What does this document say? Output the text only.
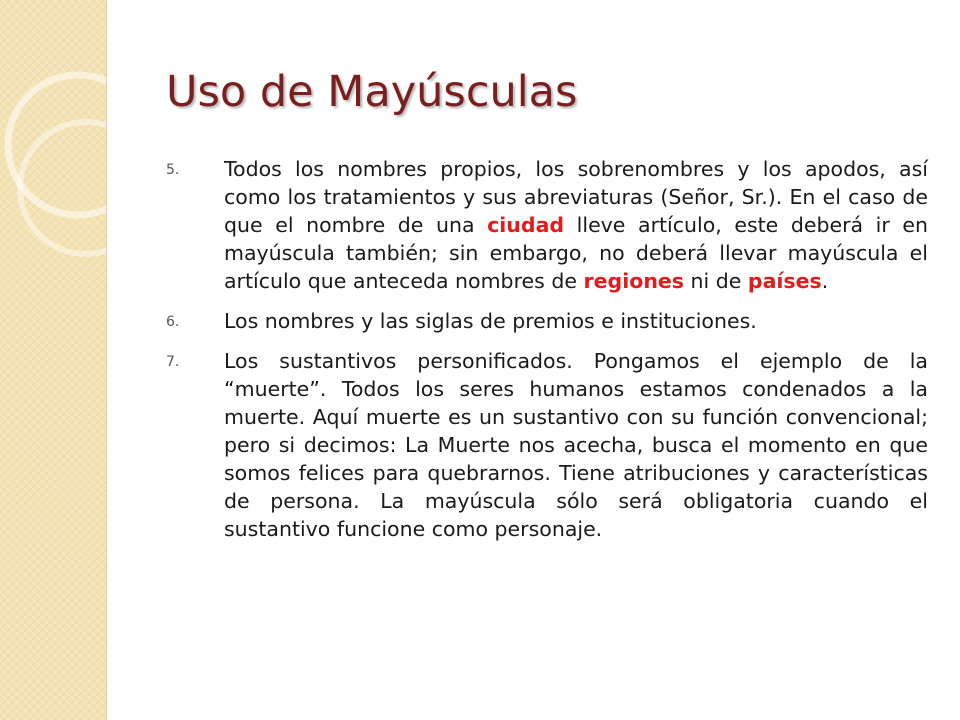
Uso de Mayúsculas
5. Todos los nombres propios, los sobrenombres y los apodos, así como los tratamientos y sus abreviaturas (Señor, Sr.). En el caso de que el nombre de una ciudad lleve artículo, este deberá ir en mayúscula también; sin embargo, no deberá llevar mayúscula el artículo que anteceda nombres de regiones ni de países.
6. Los nombres y las siglas de premios e instituciones.
7. Los sustantivos personificados. Pongamos el ejemplo de la “muerte”. Todos los seres humanos estamos condenados a la muerte. Aquí muerte es un sustantivo con su función convencional; pero si decimos: La Muerte nos acecha, busca el momento en que somos felices para quebrarnos. Tiene atribuciones y características de persona. La mayúscula sólo será obligatoria cuando el sustantivo funcione como personaje.
